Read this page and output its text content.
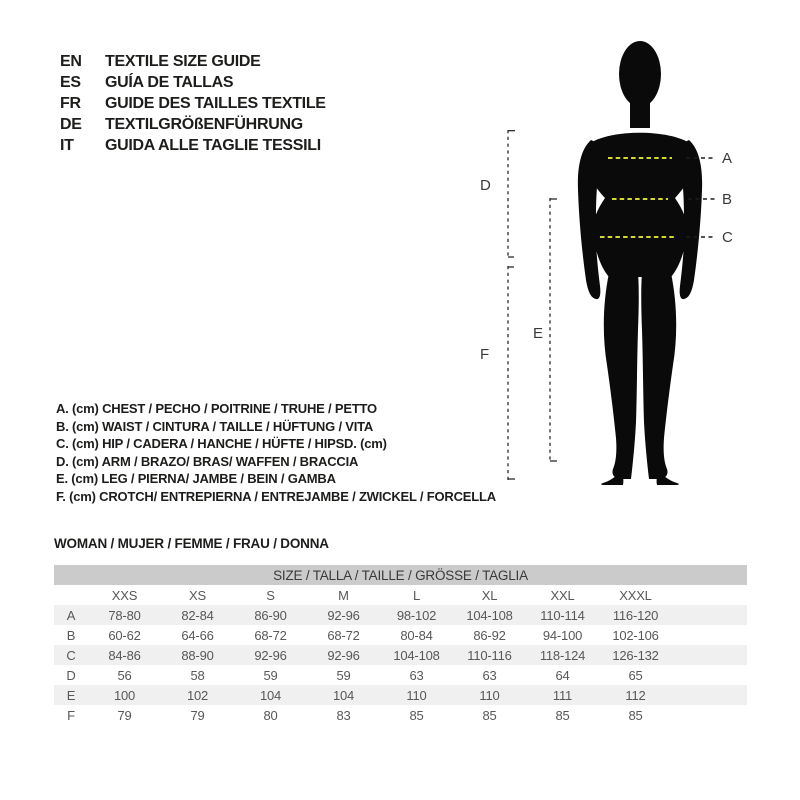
EN	TEXTILE SIZE GUIDE
ES	GUÍA DE TALLAS
FR	GUIDE DES TAILLES TEXTILE
DE	TEXTILGRÖßENFÜHRUNG
IT	GUIDA ALLE TAGLIE TESSILI
A
B
C
D
E
F
A. (cm) CHEST / PECHO / POITRINE / TRUHE / PETTO
B. (cm) WAIST / CINTURA / TAILLE / HÜFTUNG / VITA
C. (cm) HIP / CADERA / HANCHE / HÜFTE / HIPSD. (cm)
D. (cm) ARM / BRAZO/ BRAS/ WAFFEN / BRACCIA
E. (cm) LEG / PIERNA/ JAMBE / BEIN / GAMBA
F. (cm) CROTCH/ ENTREPIERNA / ENTREJAMBE / ZWICKEL / FORCELLA
WOMAN / MUJER / FEMME / FRAU / DONNA
SIZE / TALLA / TAILLE / GRÖSSE / TAGLIA									
	XXS	XS	S	M	L	XL	XXL	XXXL	
A	78-80	82-84	86-90	92-96	98-102	104-108	110-114	116-120	
B	60-62	64-66	68-72	68-72	80-84	86-92	94-100	102-106	
C	84-86	88-90	92-96	92-96	104-108	110-116	118-124	126-132	
D	56	58	59	59	63	63	64	65	
E	100	102	104	104	110	110	111	112	
F	79	79	80	83	85	85	85	85	
